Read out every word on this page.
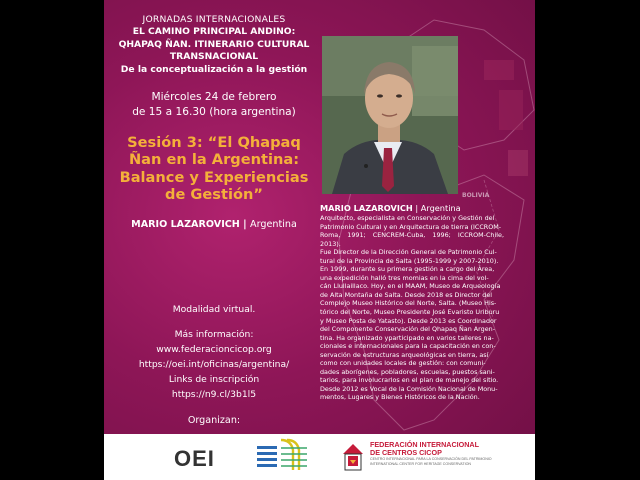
BOLIVIA
JORNADAS INTERNACIONALES
EL CAMINO PRINCIPAL ANDINO:
QHAPAQ ÑAN. ITINERARIO CULTURAL
TRANSNACIONAL
De la conceptualización a la gestión
Miércoles 24 de febrero
de 15 a 16.30 (hora argentina)
Sesión 3: “El Qhapaq
Ñan en la Argentina:
Balance y Experiencias
de Gestión”
MARIO LAZAROVICH | Argentina
Modalidad virtual.
Más información:
www.federacioncicop.org
https://oei.int/oficinas/argentina/
Links de inscripción
https://n9.cl/3b1l5
Organizan:
MARIO LAZAROVICH | Argentina
Arquitecto, especialista en Conservación y Gestión del
Patrimonio Cultural y en Arquitectura de tierra (ICCROM-
Roma, 1991; CENCREM-Cuba, 1996; ICCROM-Chile, 2013).
Fue Director de la Dirección General de Patrimonio Cul-
tural de la Provincia de Salta (1995-1999 y 2007-2010).
En 1999, durante su primera gestión a cargo del Área,
una expedición halló tres momias en la cima del vol-
cán Llullaillaco. Hoy, en el MAAM, Museo de Arqueología
de Alta Montaña de Salta. Desde 2018 es Director del
Complejo Museo Histórico del Norte, Salta. (Museo His-
tórico del Norte, Museo Presidente José Evaristo Uriburu
y Museo Posta de Yatasto). Desde 2013 es Coordinador
del Componente Conservación del Qhapaq Ñan Argen-
tina. Ha organizado yparticipado en varios talleres na-
cionales e internacionales para la capacitación en con-
servación de estructuras arqueológicas en tierra, así
como con unidades locales de gestión: con comuni-
dades aborígenes, pobladores, escuelas, puestos sani-
tarios, para involucrarlos en el plan de manejo del sitio.
Desde 2012 es Vocal de la Comisión Nacional de Monu-
mentos, Lugares y Bienes Históricos de la Nación.
OEI
FEDERACIÓN INTERNACIONAL
DE CENTROS CICOP
CENTRO INTERNACIONAL PARA LA CONSERVACIÓN DEL PATRIMONIO
INTERNATIONAL CENTER FOR HERITAGE CONSERVATION
